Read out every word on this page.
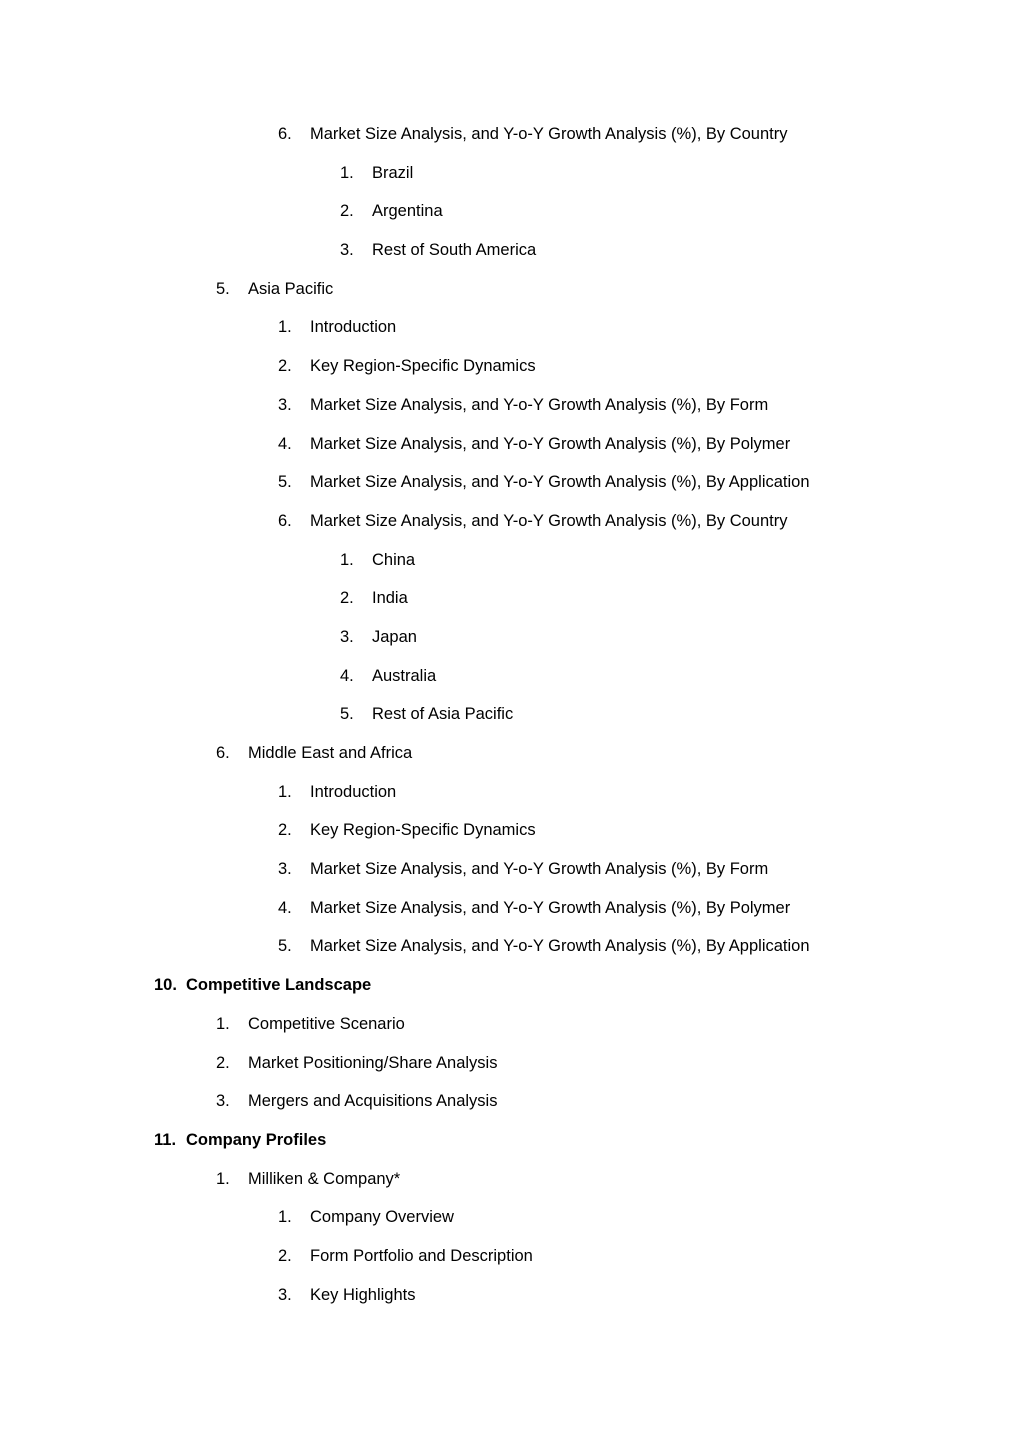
6. Market Size Analysis, and Y-o-Y Growth Analysis (%), By Country
1. Brazil
2. Argentina
3. Rest of South America
5. Asia Pacific
1. Introduction
2. Key Region-Specific Dynamics
3. Market Size Analysis, and Y-o-Y Growth Analysis (%), By Form
4. Market Size Analysis, and Y-o-Y Growth Analysis (%), By Polymer
5. Market Size Analysis, and Y-o-Y Growth Analysis (%), By Application
6. Market Size Analysis, and Y-o-Y Growth Analysis (%), By Country
1. China
2. India
3. Japan
4. Australia
5. Rest of Asia Pacific
6. Middle East and Africa
1. Introduction
2. Key Region-Specific Dynamics
3. Market Size Analysis, and Y-o-Y Growth Analysis (%), By Form
4. Market Size Analysis, and Y-o-Y Growth Analysis (%), By Polymer
5. Market Size Analysis, and Y-o-Y Growth Analysis (%), By Application
10. Competitive Landscape
1. Competitive Scenario
2. Market Positioning/Share Analysis
3. Mergers and Acquisitions Analysis
11. Company Profiles
1. Milliken & Company*
1. Company Overview
2. Form Portfolio and Description
3. Key Highlights
